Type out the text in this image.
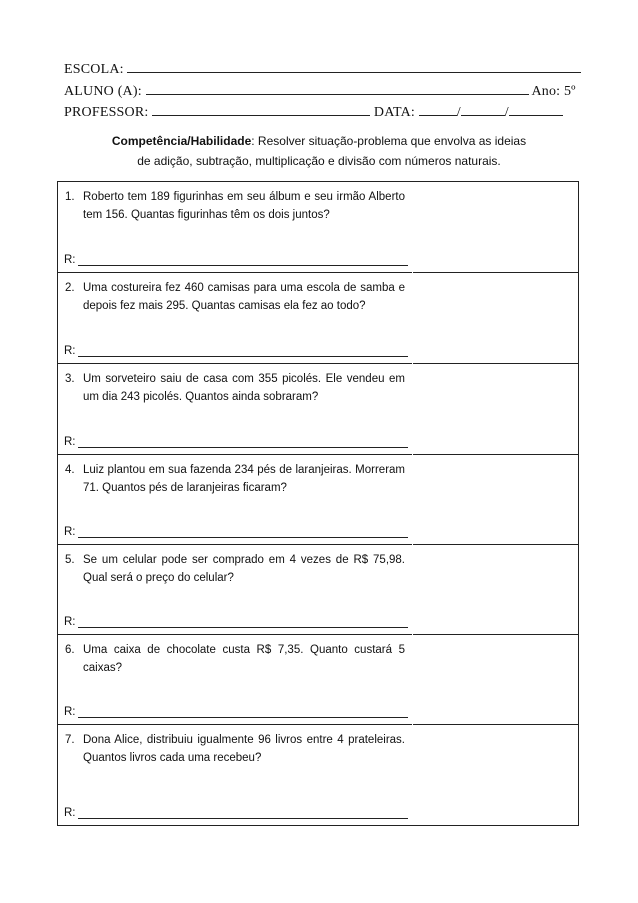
ESCOLA:
ALUNO (A):	Ano: 5º
PROFESSOR:	DATA:	/	/
Competência/Habilidade: Resolver situação-problema que envolva as ideias
de adição, subtração, multiplicação e divisão com números naturais.
1. Roberto tem 189 figurinhas em seu álbum e seu irmão Alberto tem 156. Quantas figurinhas têm os dois juntos?
R:
2. Uma costureira fez 460 camisas para uma escola de samba e depois fez mais 295. Quantas camisas ela fez ao todo?
R:
3. Um sorveteiro saiu de casa com 355 picolés. Ele vendeu em um dia 243 picolés. Quantos ainda sobraram?
R:
4. Luiz plantou em sua fazenda 234 pés de laranjeiras. Morreram 71. Quantos pés de laranjeiras ficaram?
R:
5. Se um celular pode ser comprado em 4 vezes de R$ 75,98. Qual será o preço do celular?
R:
6. Uma caixa de chocolate custa R$ 7,35. Quanto custará 5 caixas?
R:
7. Dona Alice, distribuiu igualmente 96 livros entre 4 prateleiras. Quantos livros cada uma recebeu?
R:
